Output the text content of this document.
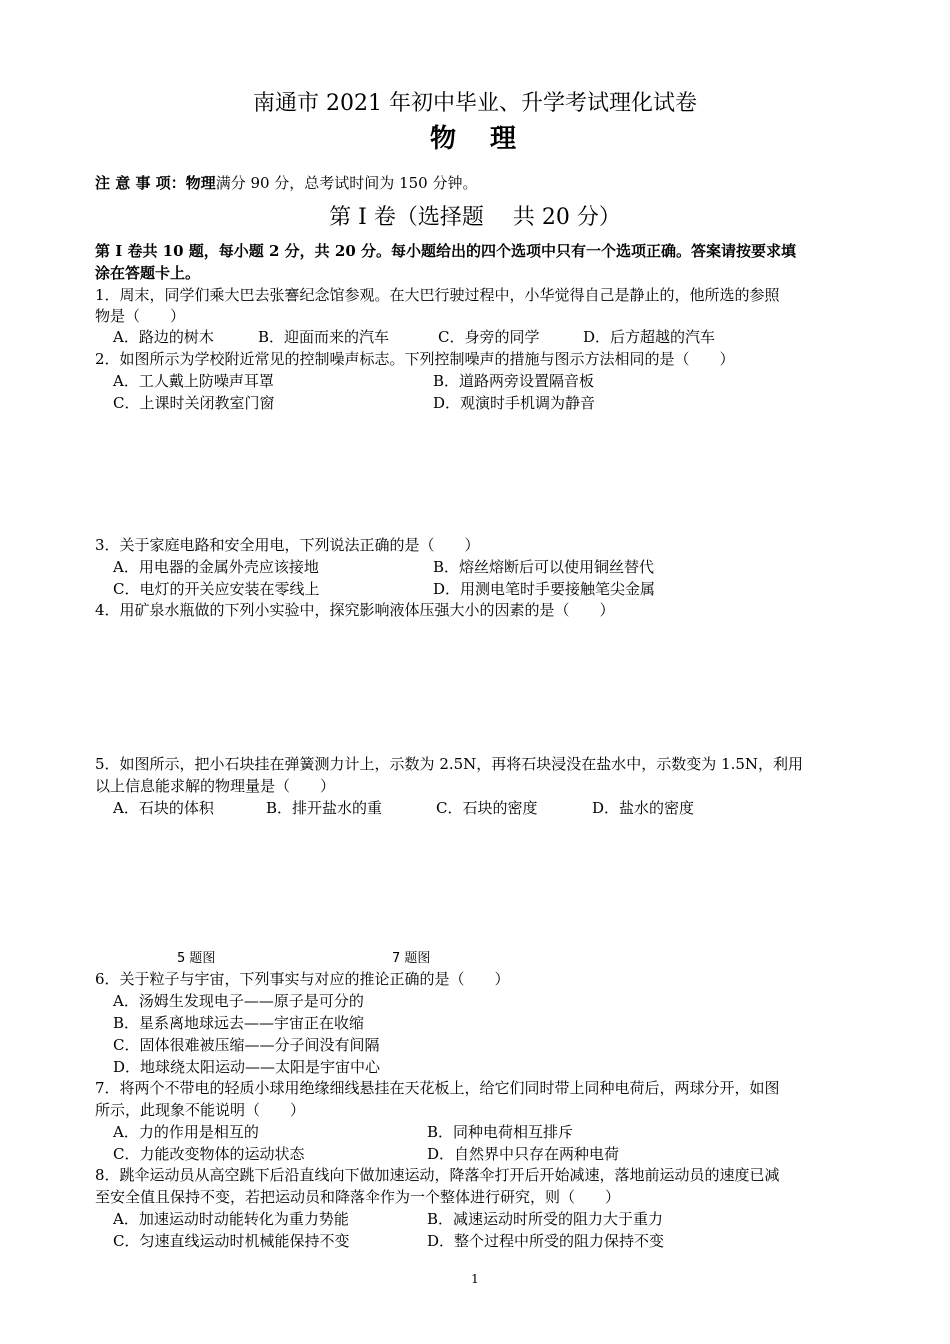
南通市 2021 年初中毕业、升学考试理化试卷
物　理
注 意 事 项：物理满分 90 分，总考试时间为 150 分钟。
第 Ⅰ 卷（选择题　 共 20 分）
第 Ⅰ 卷共 10 题，每小题 2 分，共 20 分。每小题给出的四个选项中只有一个选项正确。答案请按要求填
涂在答题卡上。
1．周末，同学们乘大巴去张謇纪念馆参观。在大巴行驶过程中，小华觉得自己是静止的，他所选的参照
物是（　　）
A．路边的树木	B．迎面而来的汽车	C．身旁的同学	D．后方超越的汽车
2．如图所示为学校附近常见的控制噪声标志。下列控制噪声的措施与图示方法相同的是（　　）
A．工人戴上防噪声耳罩	B．道路两旁设置隔音板
C．上课时关闭教室门窗	D．观演时手机调为静音
3．关于家庭电路和安全用电，下列说法正确的是（　　）
A．用电器的金属外壳应该接地	B．熔丝熔断后可以使用铜丝替代
C．电灯的开关应安装在零线上	D．用测电笔时手要接触笔尖金属
4．用矿泉水瓶做的下列小实验中，探究影响液体压强大小的因素的是（　　）
5．如图所示，把小石块挂在弹簧测力计上，示数为 2.5N，再将石块浸没在盐水中，示数变为 1.5N，利用
以上信息能求解的物理量是（　　）
A．石块的体积	B．排开盐水的重	C．石块的密度	D．盐水的密度
5 题图	7 题图
6．关于粒子与宇宙，下列事实与对应的推论正确的是（　　）
A．汤姆生发现电子——原子是可分的
B．星系离地球远去——宇宙正在收缩
C．固体很难被压缩——分子间没有间隔
D．地球绕太阳运动——太阳是宇宙中心
7．将两个不带电的轻质小球用绝缘细线悬挂在天花板上，给它们同时带上同种电荷后，两球分开，如图
所示，此现象不能说明（　　）
A．力的作用是相互的	B．同种电荷相互排斥
C．力能改变物体的运动状态	D．自然界中只存在两种电荷
8．跳伞运动员从高空跳下后沿直线向下做加速运动，降落伞打开后开始减速，落地前运动员的速度已减
至安全值且保持不变，若把运动员和降落伞作为一个整体进行研究，则（　　）
A．加速运动时动能转化为重力势能	B．减速运动时所受的阻力大于重力
C．匀速直线运动时机械能保持不变	D．整个过程中所受的阻力保持不变
1
